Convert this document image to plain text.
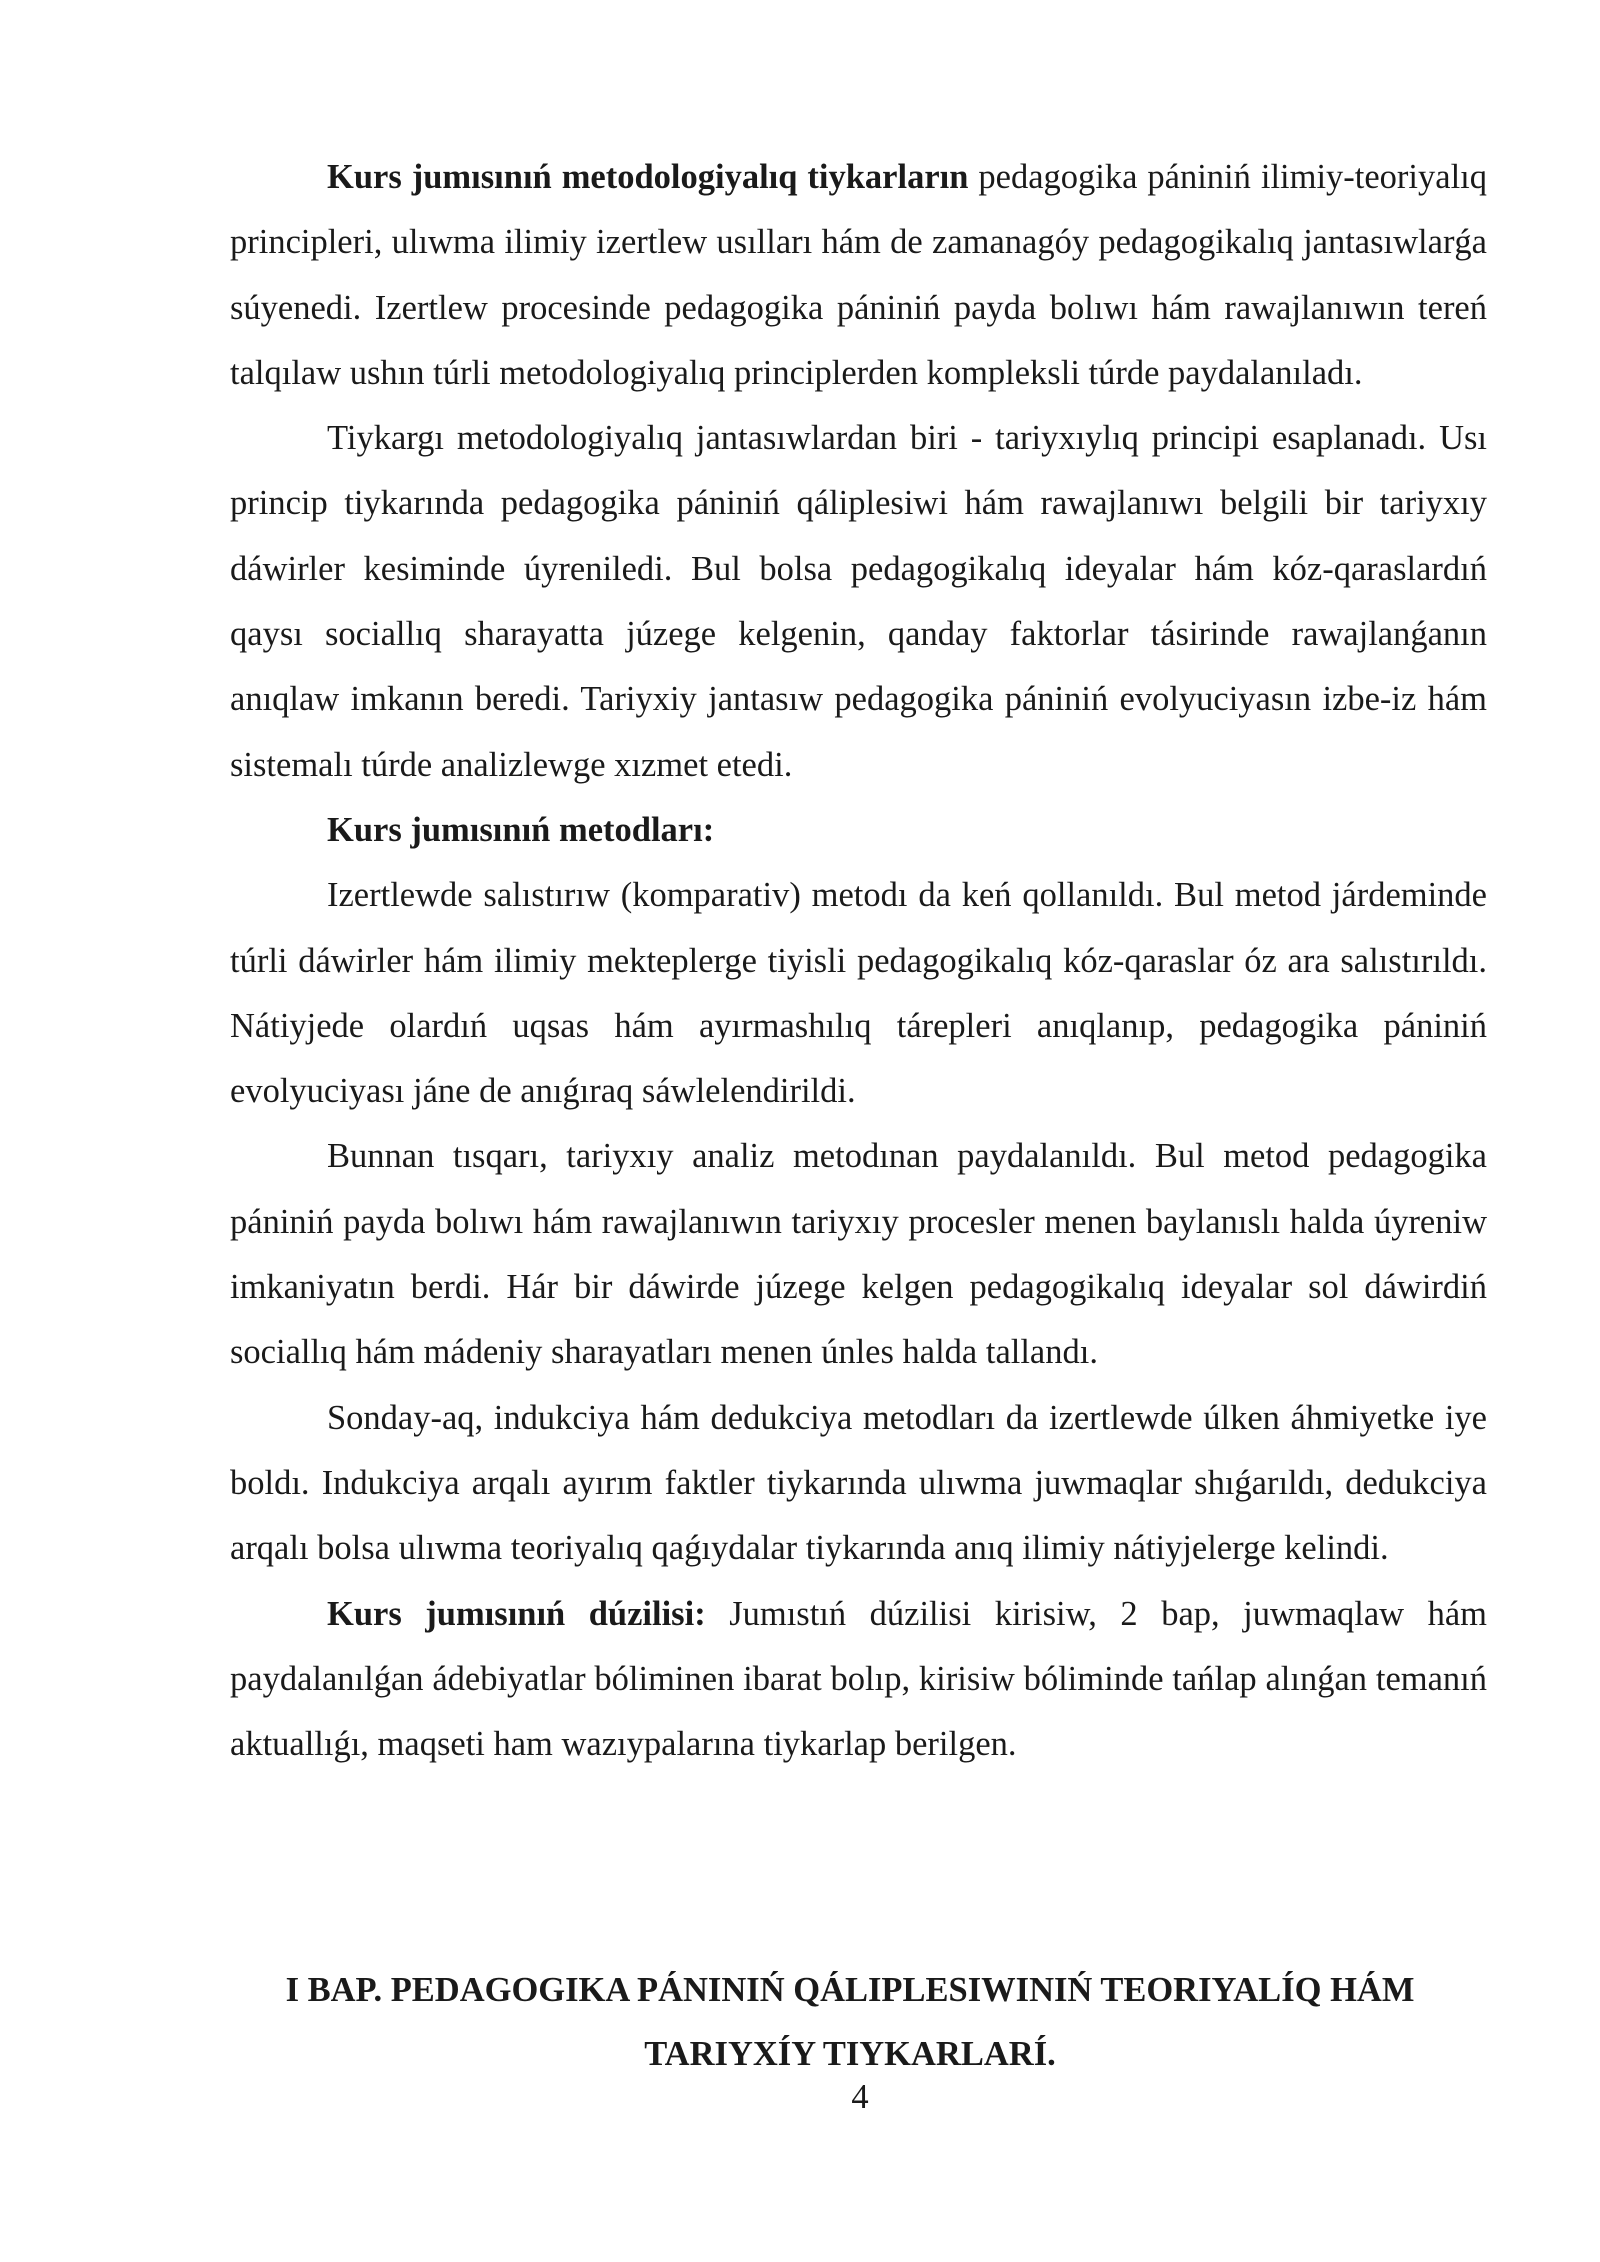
Kurs jumısınıń metodologiyalıq tiykarların pedagogika pániniń ilimiy-teoriyalıq principleri, ulıwma ilimiy izertlew usılları hám de zamanagóy pedagogikalıq jantasıwlarǵa súyenedi. Izertlew procesinde pedagogika pániniń payda bolıwı hám rawajlanıwın tereń talqılaw ushın túrli metodologiyalıq principlerden kompleksli túrde paydalanıladı.

Tiykargı metodologiyalıq jantasıwlardan biri - tariyxıylıq principi esaplanadı. Usı princip tiykarında pedagogika pániniń qáliplesiwi hám rawajlanıwı belgili bir tariyxıy dáwirler kesiminde úyreniledi. Bul bolsa pedagogikalıq ideyalar hám kóz-qaraslardıń qaysı sociallıq sharayatta júzege kelgenin, qanday faktorlar tásirinde rawajlanǵanın anıqlaw imkanın beredi. Tariyxiy jantasıw pedagogika pániniń evolyuciyasın izbe-iz hám sistemalı túrde analizlewge xızmet etedi.

Kurs jumısınıń metodları:

Izertlewde salıstırıw (komparativ) metodı da keń qollanıldı. Bul metod járdeminde túrli dáwirler hám ilimiy mekteplerge tiyisli pedagogikalıq kóz-qaraslar óz ara salıstırıldı. Nátiyjede olardıń uqsas hám ayırmashılıq tárepleri anıqlanıp, pedagogika pániniń evolyuciyası jáne de anıǵıraq sáwlelendirildi.

Bunnan tısqarı, tariyxıy analiz metodınan paydalanıldı. Bul metod pedagogika pániniń payda bolıwı hám rawajlanıwın tariyxıy procesler menen baylanıslı halda úyreniw imkaniyatın berdi. Hár bir dáwirde júzege kelgen pedagogikalıq ideyalar sol dáwirdiń sociallıq hám mádeniy sharayatları menen únles halda tallandı.

Sonday-aq, indukciya hám dedukciya metodları da izertlewde úlken áhmiyetke iye boldı. Indukciya arqalı ayırım faktler tiykarında ulıwma juwmaqlar shıǵarıldı, dedukciya arqalı bolsa ulıwma teoriyalıq qaǵıydalar tiykarında anıq ilimiy nátiyjelerge kelindi.

Kurs jumısınıń dúzilisi: Jumıstıń dúzilisi kirisiw, 2 bap, juwmaqlaw hám paydalanılǵan ádebiyatlar bóliminen ibarat bolıp, kirisiw bóliminde tańlap alınǵan temanıń aktuallıǵı, maqseti ham wazıypalarına tiykarlap berilgen.

I BAP. PEDAGOGIKA PÁNINIŃ QÁLIPLESIWINIŃ TEORIYALÍQ HÁM
TARIYXÍY TIYKARLARÍ.
4
